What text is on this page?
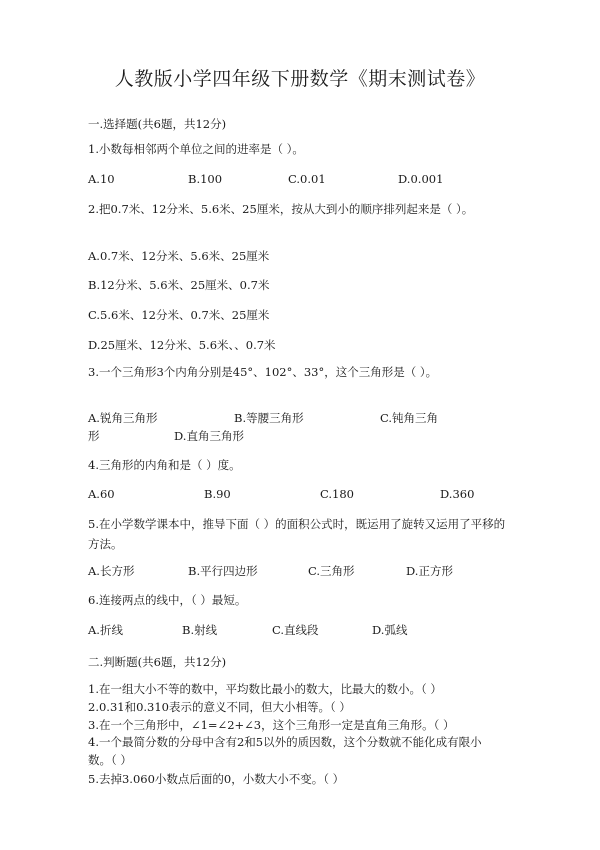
人教版小学四年级下册数学《期末测试卷》
一.选择题(共6题，共12分)
1.小数每相邻两个单位之间的进率是（ ）。
A.10	B.100	C.0.01	D.0.001
2.把0.7米、12分米、5.6米、25厘米，按从大到小的顺序排列起来是（ ）。
A.0.7米、12分米、5.6米、25厘米
B.12分米、5.6米、25厘米、0.7米
C.5.6米、12分米、0.7米、25厘米
D.25厘米、12分米、5.6米、、0.7米
3.一个三角形3个内角分别是45°、102°、33°，这个三角形是（ ）。
A.锐角三角形	B.等腰三角形	C.钝角三角
形	D.直角三角形
4.三角形的内角和是（ ）度。
A.60	B.90	C.180	D.360
5.在小学数学课本中，推导下面（ ）的面积公式时，既运用了旋转又运用了平移的方法。
A.长方形	B.平行四边形	C.三角形	D.正方形
6.连接两点的线中，（ ）最短。
A.折线	B.射线	C.直线段	D.弧线
二.判断题(共6题，共12分)
1.在一组大小不等的数中，平均数比最小的数大，比最大的数小。（ ）
2.0.31和0.310表示的意义不同，但大小相等。（ ）
3.在一个三角形中，∠1=∠2+∠3，这个三角形一定是直角三角形。（ ）
4.一个最简分数的分母中含有2和5以外的质因数，这个分数就不能化成有限小数。（ ）
5.去掉3.060小数点后面的0，小数大小不变。（ ）
